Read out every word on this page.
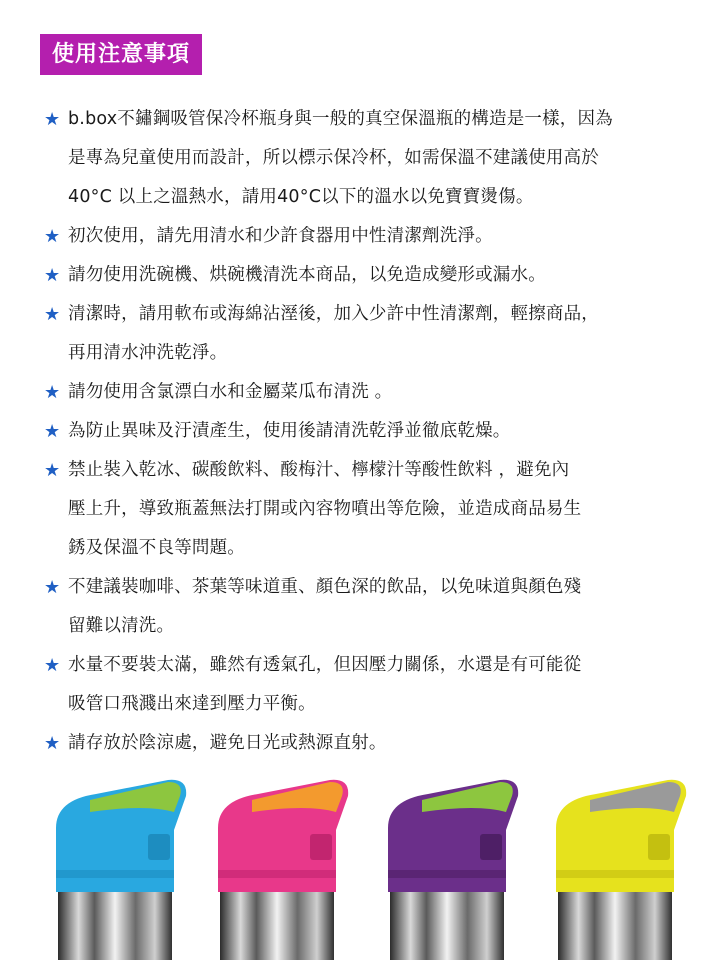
使用注意事項
★ b.box不鏽鋼吸管保冷杯瓶身與一般的真空保溫瓶的構造是一樣，因為
是專為兒童使用而設計，所以標示保冷杯，如需保溫不建議使用高於
40°C 以上之溫熱水，請用40°C以下的溫水以免寶寶燙傷。
★ 初次使用，請先用清水和少許食器用中性清潔劑洗淨。
★ 請勿使用洗碗機、烘碗機清洗本商品，以免造成變形或漏水。
★ 清潔時，請用軟布或海綿沾溼後，加入少許中性清潔劑，輕擦商品，
再用清水沖洗乾淨。
★ 請勿使用含氯漂白水和金屬菜瓜布清洗 。
★ 為防止異味及汙漬產生，使用後請清洗乾淨並徹底乾燥。
★ 禁止裝入乾冰、碳酸飲料、酸梅汁、檸檬汁等酸性飲料 ，避免內
壓上升，導致瓶蓋無法打開或內容物噴出等危險，並造成商品易生
銹及保溫不良等問題。
★ 不建議裝咖啡、茶葉等味道重、顏色深的飲品，以免味道與顏色殘
留難以清洗。
★ 水量不要裝太滿，雖然有透氣孔，但因壓力關係，水還是有可能從
吸管口飛濺出來達到壓力平衡。
★ 請存放於陰涼處，避免日光或熱源直射。
